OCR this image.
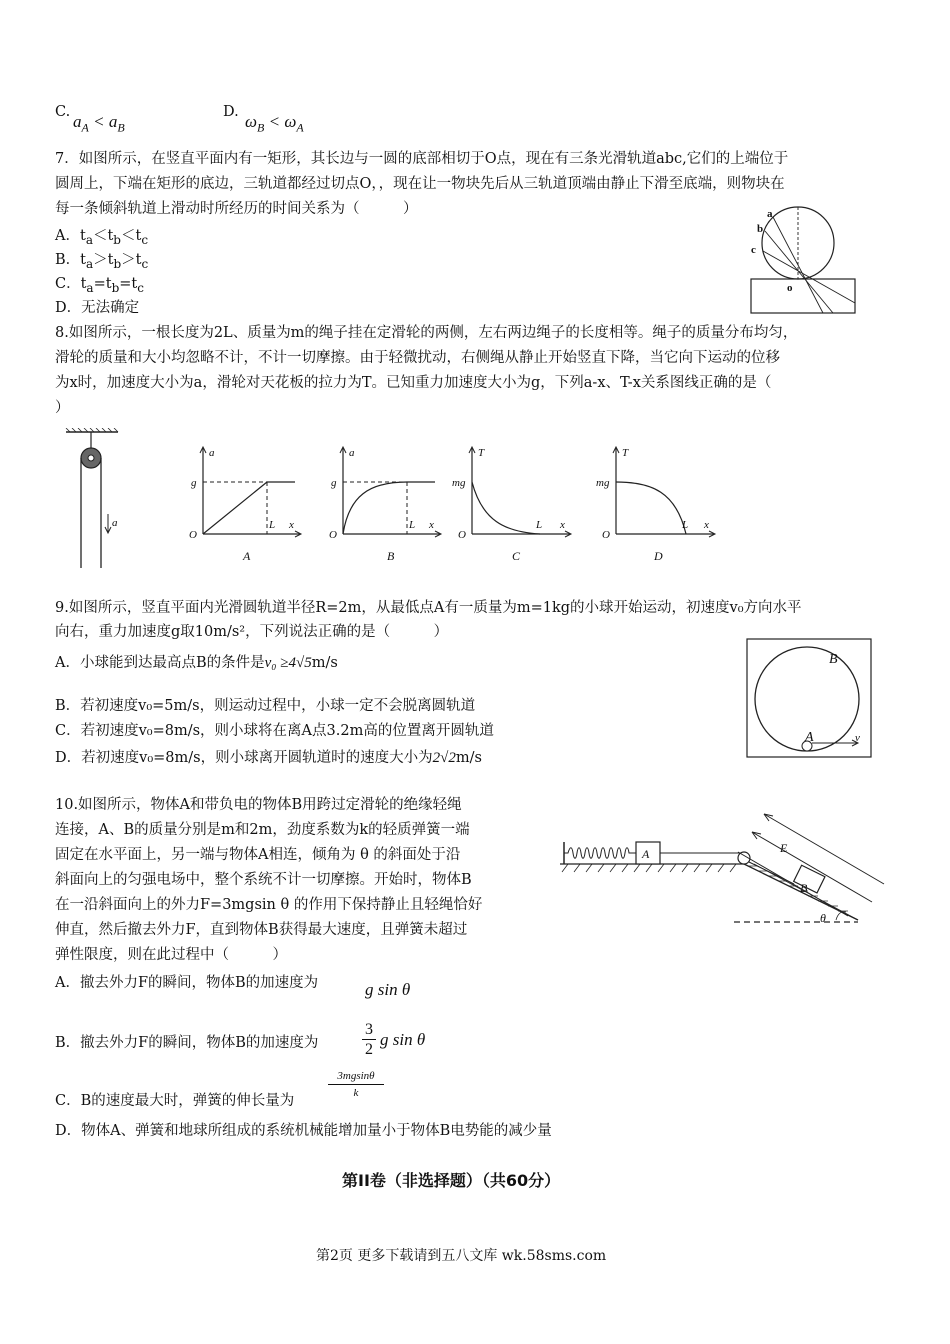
C. $a_A < a_B$
D. $\omega_B < \omega_A$
7．如图所示，在竖直平面内有一矩形，其长边与一圆的底部相切于O点，现在有三条光滑轨道abc,它们的上端位于
圆周上，下端在矩形的底边，三轨道都经过切点O，，现在让一物块先后从三轨道顶端由静止下滑至底端，则物块在
每一条倾斜轨道上滑动时所经历的时间关系为（　　　）
A．$t_a<t_b<t_c$
B．$t_a>t_b>t_c$
C．$t_a=t_b=t_c$
D．无法确定
a
b
c
o
8.如图所示，一根长度为2L、质量为m的绳子挂在定滑轮的两侧，左右两边绳子的长度相等。绳子的质量分布均匀，
滑轮的质量和大小均忽略不计，不计一切摩擦。由于轻微扰动，右侧绳从静止开始竖直下降，当它向下运动的位移
为x时，加速度大小为a，滑轮对天花板的拉力为T。已知重力加速度大小为g，下列a-x、T-x关系图线正确的是（
）
a
a
g
x
L
O
A
a
g
x
L
O
B
T
mg
x
L
O
C
T
mg
x
L
O
D
9.如图所示，竖直平面内光滑圆轨道半径R=2m，从最低点A有一质量为m=1kg的小球开始运动，初速度v₀方向水平
向右，重力加速度g取10m/s²，下列说法正确的是（　　　）
A．小球能到达最高点B的条件是v₀ ≥4√5m/s
B．若初速度v₀=5m/s，则运动过程中，小球一定不会脱离圆轨道
C．若初速度v₀=8m/s，则小球将在离A点3.2m高的位置离开圆轨道
D．若初速度v₀=8m/s，则小球离开圆轨道时的速度大小为2√2m/s
B
A	v
10.如图所示，物体A和带负电的物体B用跨过定滑轮的绝缘轻绳
连接，A、B的质量分别是m和2m，劲度系数为k的轻质弹簧一端
固定在水平面上，另一端与物体A相连，倾角为 θ 的斜面处于沿
斜面向上的匀强电场中，整个系统不计一切摩擦。开始时，物体B
在一沿斜面向上的外力F=3mgsin θ 的作用下保持静止且轻绳恰好
伸直，然后撤去外力F，直到物体B获得最大速度，且弹簧未超过
弹性限度，则在此过程中（　　　）
A．撤去外力F的瞬间，物体B的加速度为	g sin θ
B．撤去外力F的瞬间，物体B的加速度为	$\frac{3}{2}$ g sin θ
C．B的速度最大时，弹簧的伸长量为	$\frac{3mgsin\theta}{k}$
D．物体A、弹簧和地球所组成的系统机械能增加量小于物体B电势能的减少量
A
B
E
θ
第II卷（非选择题）（共60分）
第2页 更多下载请到五八文库 wk.58sms.com
